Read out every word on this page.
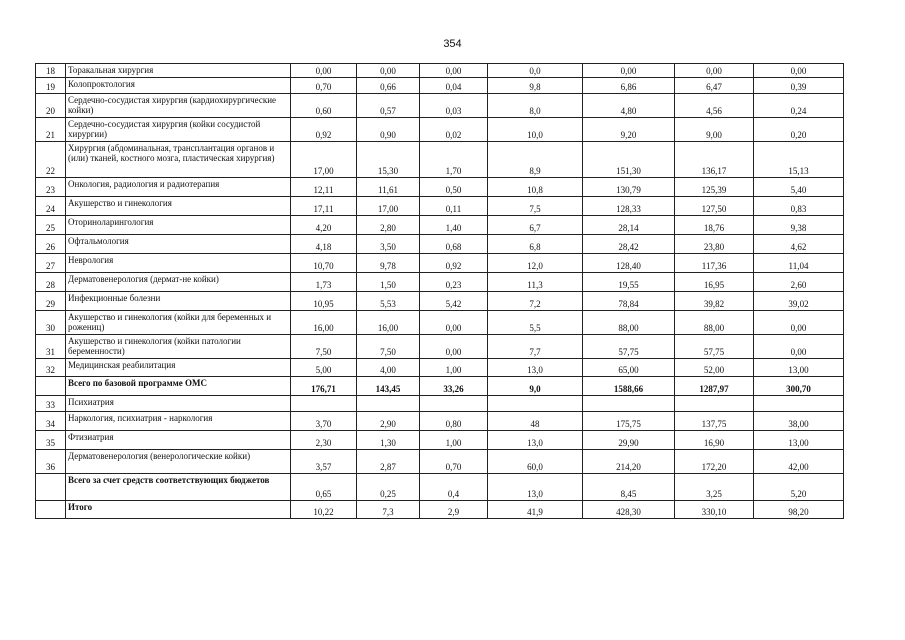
354
18	Торакальная хирургия	0,00	0,00	0,00	0,0	0,00	0,00	0,00
19	Колопроктология	0,70	0,66	0,04	9,8	6,86	6,47	0,39
20	Сердечно-сосудистая хирургия (кардиохирургические койки)	0,60	0,57	0,03	8,0	4,80	4,56	0,24
21	Сердечно-сосудистая хирургия (койки сосудистой хирургии)	0,92	0,90	0,02	10,0	9,20	9,00	0,20
22	Хирургия (абдоминальная, трансплантация органов и (или) тканей, костного мозга, пластическая хирургия)	17,00	15,30	1,70	8,9	151,30	136,17	15,13
23	Онкология, радиология и радиотерапия	12,11	11,61	0,50	10,8	130,79	125,39	5,40
24	Акушерство и гинекология	17,11	17,00	0,11	7,5	128,33	127,50	0,83
25	Оториноларингология	4,20	2,80	1,40	6,7	28,14	18,76	9,38
26	Офтальмология	4,18	3,50	0,68	6,8	28,42	23,80	4,62
27	Неврология	10,70	9,78	0,92	12,0	128,40	117,36	11,04
28	Дерматовенерология (дермат-не койки)	1,73	1,50	0,23	11,3	19,55	16,95	2,60
29	Инфекционные болезни	10,95	5,53	5,42	7,2	78,84	39,82	39,02
30	Акушерство и гинекология (койки для беременных и рожениц)	16,00	16,00	0,00	5,5	88,00	88,00	0,00
31	Акушерство и гинекология (койки патологии беременности)	7,50	7,50	0,00	7,7	57,75	57,75	0,00
32	Медицинская реабилитация	5,00	4,00	1,00	13,0	65,00	52,00	13,00
	Всего по базовой программе ОМС	176,71	143,45	33,26	9,0	1588,66	1287,97	300,70
33	Психиатрия							
34	Наркология, психиатрия - наркология	3,70	2,90	0,80	48	175,75	137,75	38,00
35	Фтизиатрия	2,30	1,30	1,00	13,0	29,90	16,90	13,00
36	Дерматовенерология (венерологические койки)	3,57	2,87	0,70	60,0	214,20	172,20	42,00
	Всего за счет средств соответствующих бюджетов	0,65	0,25	0,4	13,0	8,45	3,25	5,20
	Итого	10,22	7,3	2,9	41,9	428,30	330,10	98,20
